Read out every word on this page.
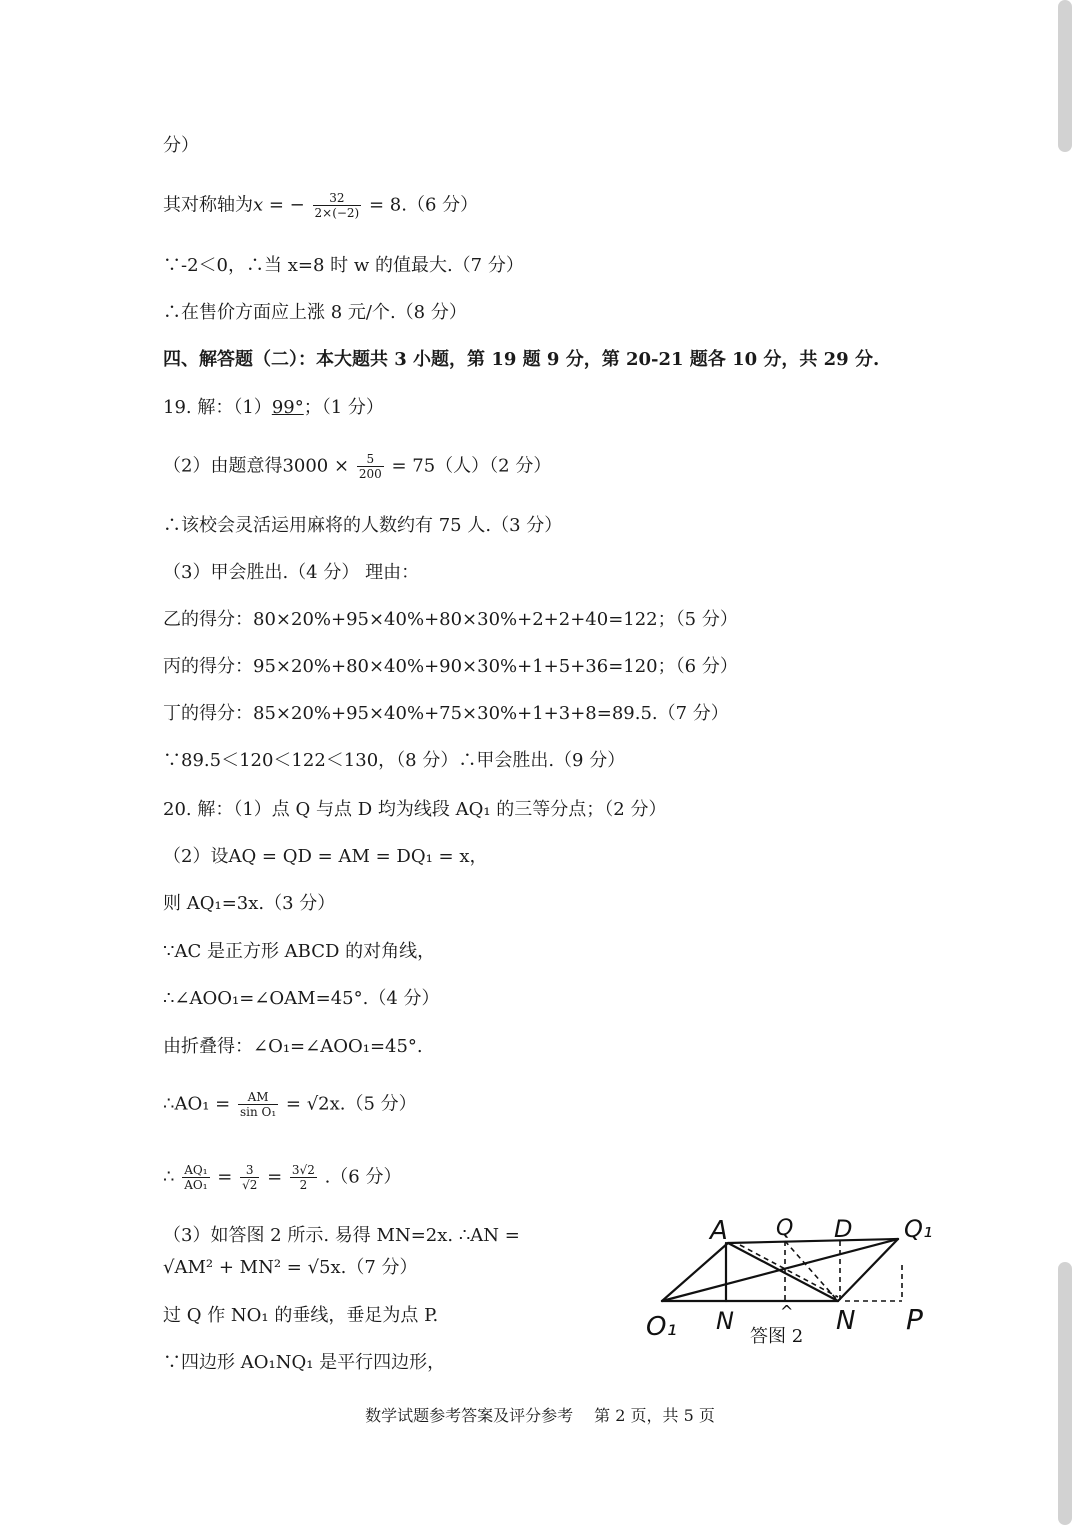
分）
其对称轴为x = − $\frac{32}{2\times(-2)} = 8.(6$ 分）
∵-2＜0，∴当 x=8 时 w 的值最大.（7 分）
∴在售价方面应上涨 8 元/个.（8 分）
四、解答题（二）：本大题共 3 小题，第 19 题 9 分，第 20-21 题各 10 分，共 29 分.
19. 解：（1）99°；（1 分）
（2）由题意得$3000 \times \frac{5}{200} = 75$（人）（2 分）
∴该校会灵活运用麻将的人数约有 75 人.（3 分）
（3）甲会胜出.（4 分） 理由：
乙的得分：80×20%+95×40%+80×30%+2+2+40=122；（5 分）
丙的得分：95×20%+80×40%+90×30%+1+5+36=120；（6 分）
丁的得分：85×20%+95×40%+75×30%+1+3+8=89.5.（7 分）
∵89.5＜120＜122＜130，（8 分）∴甲会胜出.（9 分）
20. 解：（1）点 Q 与点 D 均为线段 AQ₁ 的三等分点；（2 分）
（2）设AQ = QD = AM = DQ₁ = x，
则 AQ₁=3x.（3 分）
∵AC 是正方形 ABCD 的对角线，
∴∠AOO₁=∠OAM=45°.（4 分）
由折叠得：∠O₁=∠AOO₁=45°.
∴AO₁ = $\frac{AM}{\text{sin O₁}} = √2x.(5$ 分）
∴ $\frac{\text{AQ₁}}{\text{AO₁}} = \frac{3}{√2} = \frac{3√2}{2} .(6$ 分）
（3）如答图 2 所示. 易得 MN=2x. ∴AN =
√AM² + MN² = √5x.（7 分）
过 Q 作 NO₁ 的垂线，垂足为点 P.
∵四边形 AO₁NQ₁ 是平行四边形，
A Q D Q₁
O₁ N	^ N P
答图 2
数学试题参考答案及评分参考　 第 2 页，共 5 页
